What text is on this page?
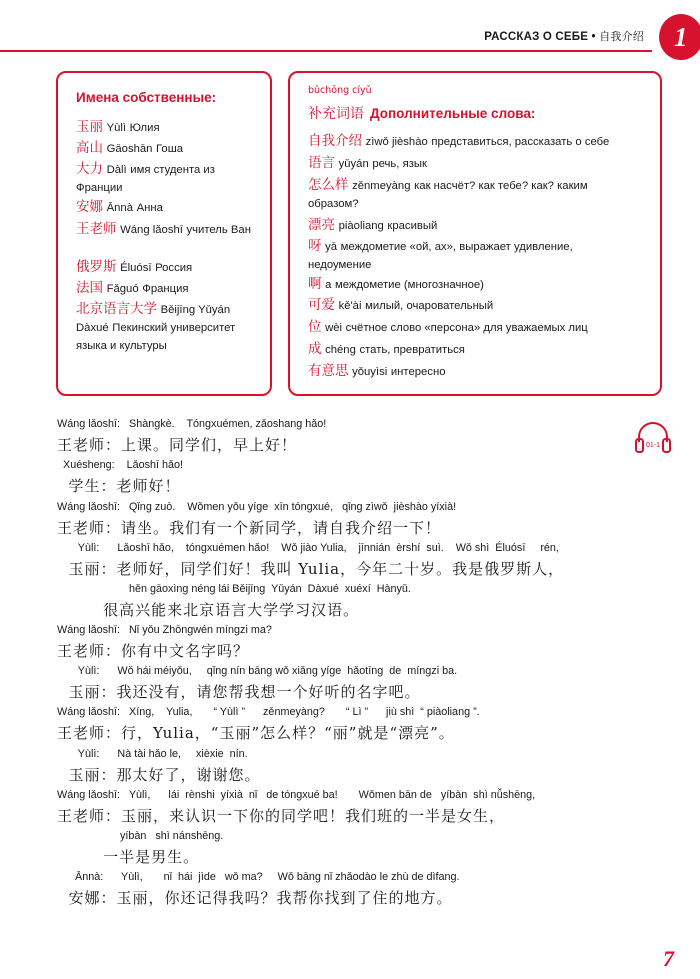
РАССКАЗ О СЕБЕ • 自我介绍	1
Имена собственные:
玉丽 Yùlì Юлия
高山 Gāoshān Гоша
大力 Dàlì имя студента из Франции
安娜 Ānnà Анна
王老师 Wáng lǎoshī учитель Ван
俄罗斯 Éluósī Россия
法国 Fǎguó Франция
北京语言大学 Běijīng Yǔyán Dàxué Пекинский университет языка и культуры
bǔchōng cíyǔ
补充词语 Дополнительные слова:
自我介绍 zìwǒ jièshào представиться, рассказать о себе
语言 yǔyán речь, язык
怎么样 zěnmeyàng как насчёт? как тебе? как? каким образом?
漂亮 piàoliang красивый
呀 yā междометие «ой, ах», выражает удивление, недоумение
啊 a междометие (многозначное)
可爱 kě'ài милый, очаровательный
位 wèi счётное слово «персона» для уважаемых лиц
成 chéng стать, превратиться
有意思 yǒuyìsi интересно
01-1
Wáng lǎoshī:   Shàngkè.    Tóngxuémen, zǎoshang hǎo!
王老师：上课。同学们，早上好！
Xuésheng:    Lǎoshī hǎo!
学生：老师好！
Wáng lǎoshī:   Qǐng zuò.    Wǒmen yǒu yíge  xīn tóngxué,   qǐng zìwǒ  jièshào yíxià!
王老师：请坐。我们有一个新同学，请自我介绍一下！
Yùlì:      Lǎoshī hǎo,    tóngxuémen hǎo!    Wǒ jiào Yulia,    jīnnián  èrshí  suì.    Wǒ shì  Éluósī     rén,
玉丽：老师好，同学们好！我叫 Yulia，今年二十岁。我是俄罗斯人，
hěn gāoxìng néng lái Běijīng  Yǔyán  Dàxué  xuéxí  Hànyǔ.
很高兴能来北京语言大学学习汉语。
Wáng lǎoshī:   Nǐ yǒu Zhōngwén míngzi ma?
王老师：你有中文名字吗？
Yùlì:      Wǒ hái méiyǒu,     qǐng nín bāng wǒ xiǎng yíge  hǎotīng  de  míngzi ba.
玉丽：我还没有，请您帮我想一个好听的名字吧。
Wáng lǎoshī:   Xíng,    Yulia,       “ Yùlì ”      zěnmeyàng?       “ Lì ”      jiù shì  “ piàoliang ”.
王老师：行，Yulia，“玉丽”怎么样？“丽”就是“漂亮”。
Yùlì:      Nà tài hǎo le,     xièxie  nín.
玉丽：那太好了，谢谢您。
Wáng lǎoshī:   Yùlì,      lái  rènshi  yíxià  nǐ   de tóngxué ba!       Wǒmen bān de   yíbàn  shì nǚshēng,
王老师：玉丽，来认识一下你的同学吧！我们班的一半是女生，
yíbàn   shì nánshēng.
一半是男生。
Ānnà:      Yùlì,       nǐ  hái  jìde   wǒ ma?     Wǒ bāng nǐ zhǎodào le zhù de dìfang.
安娜：玉丽，你还记得我吗？我帮你找到了住的地方。
7
